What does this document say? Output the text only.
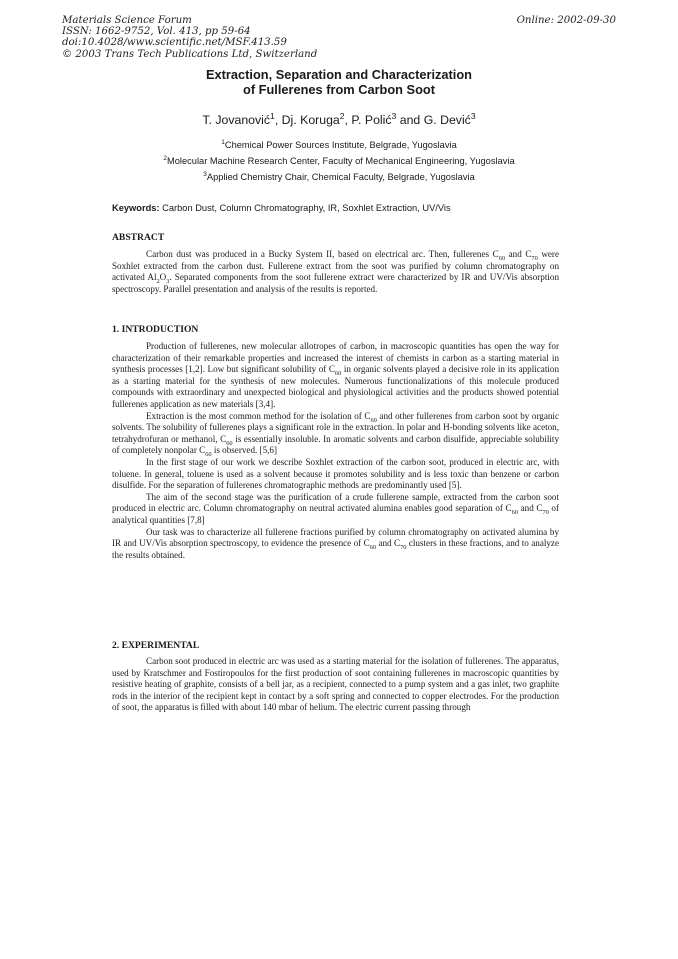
Materials Science Forum
ISSN: 1662-9752, Vol. 413, pp 59-64
doi:10.4028/www.scientific.net/MSF.413.59
© 2003 Trans Tech Publications Ltd, Switzerland
Online: 2002-09-30
Extraction, Separation and Characterization
of Fullerenes from Carbon Soot
T. Jovanović$^1$, Dj. Koruga$^2$, P. Polić$^3$ and G. Dević$^3$
$^1$Chemical Power Sources Institute, Belgrade, Yugoslavia
$^2$Molecular Machine Research Center, Faculty of Mechanical Engineering, Yugoslavia
$^3$Applied Chemistry Chair, Chemical Faculty, Belgrade, Yugoslavia
Keywords: Carbon Dust, Column Chromatography, IR, Soxhlet Extraction, UV/Vis
ABSTRACT

Carbon dust was produced in a Bucky System II, based on electrical arc. Then, fullerenes $C_{60}$ and $C_{70}$ were Soxhlet extracted from the carbon dust. Fullerene extract from the soot was purified by column chromatography on activated $Al_2O_3$. Separated components from the soot fullerene extract were characterized by IR and UV/Vis absorption spectroscopy. Parallel presentation and analysis of the results is reported.

1. INTRODUCTION

Production of fullerenes, new molecular allotropes of carbon, in macroscopic quantities has open the way for characterization of their remarkable properties and increased the interest of chemists in carbon as a starting material in synthesis processes [1,2]. Low but significant solubility of $C_{60}$ in organic solvents played a decisive role in its application as a starting material for the synthesis of new molecules. Numerous functionalizations of this molecule produced compounds with extraordinary and unexpected biological and physiological activities and the products showed potential fullerenes application as new materials [3,4].

Extraction is the most common method for the isolation of $C_{60}$ and other fullerenes from carbon soot by organic solvents. The solubility of fullerenes plays a significant role in the extraction. In polar and H-bonding solvents like aceton, tetrahydrofuran or methanol, $C_{60}$ is essentially insoluble. In aromatic solvents and carbon disulfide, appreciable solubility of completely nonpolar $C_{60}$ is observed. [5,6]

In the first stage of our work we describe Soxhlet extraction of the carbon soot, produced in electric arc, with toluene. In general, toluene is used as a solvent because it promotes solubility and is less toxic than benzene or carbon disulfide. For the separation of fullerenes chromatographic methods are predominantly used [5].

The aim of the second stage was the purification of a crude fullerene sample, extracted from the carbon soot produced in electric arc. Column chromatography on neutral activated alumina enables good separation of $C_{60}$ and $C_{70}$ of analytical quantities [7,8]

Our task was to characterize all fullerene fractions purified by column chromatography on activated alumina by IR and UV/Vis absorption spectroscopy, to evidence the presence of $C_{60}$ and $C_{70}$ clusters in these fractions, and to analyze the results obtained.

2. EXPERIMENTAL

Carbon soot produced in electric arc was used as a starting material for the isolation of fullerenes. The apparatus, used by Kratschmer and Fostiropoulos for the first production of soot containing fullerenes in macroscopic quantities by resistive heating of graphite, consists of a bell jar, as a recipient, connected to a pump system and a gas inlet, two graphite rods in the interior of the recipient kept in contact by a soft spring and connected to copper electrodes. For the production of soot, the apparatus is filled with about 140 mbar of helium. The electric current passing through
